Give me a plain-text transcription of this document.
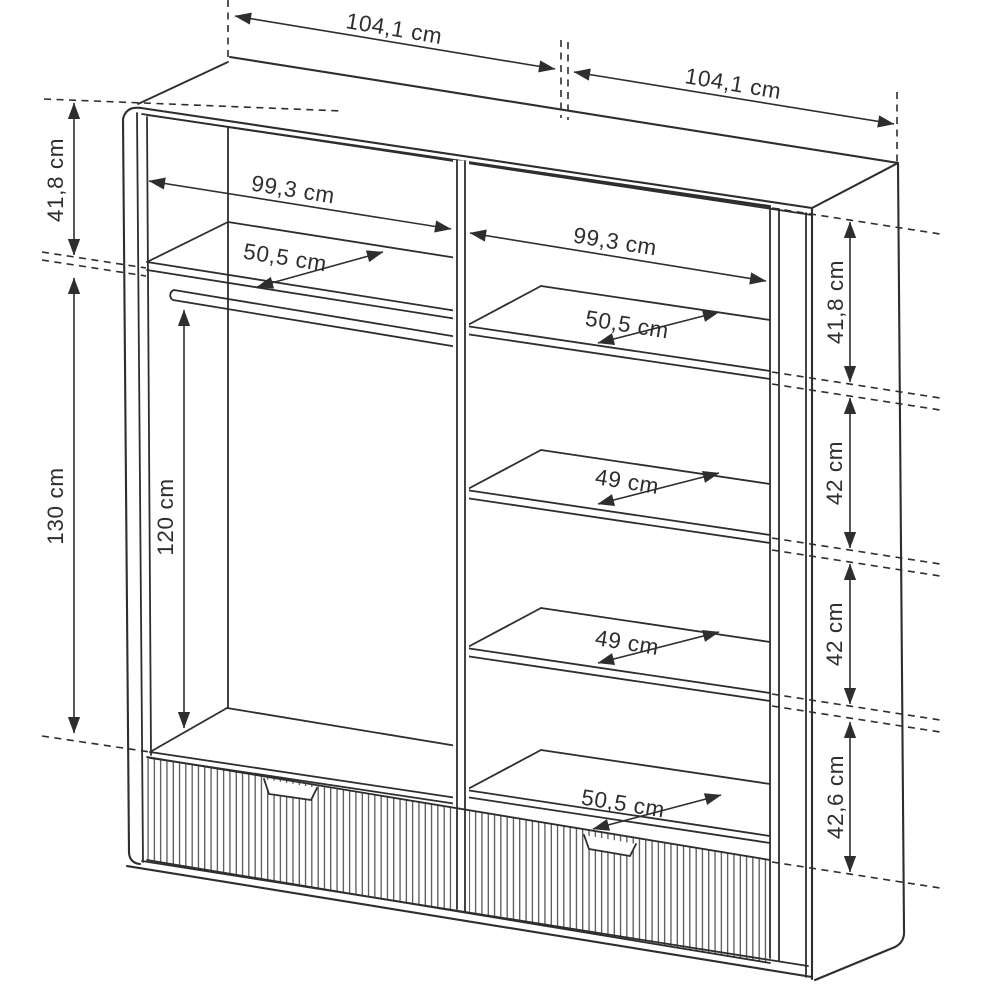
104,1 cm
104,1 cm
41,8 cm
130 cm	120 cm
99,3 cm
50,5 cm	99,3 cm
50,5 cm
49 cm
49 cm
50,5 cm
41,8 cm
42 cm
42 cm
42,6 cm
